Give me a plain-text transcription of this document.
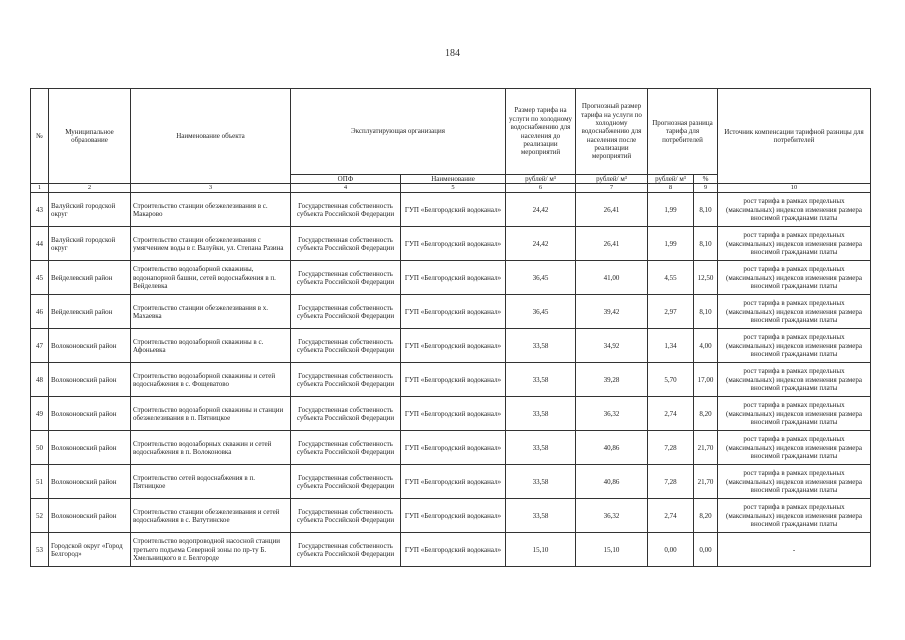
184
№	Муниципальное образование	Наименование объекта	Эксплуатирующая организация		Размер тарифа на услуги по холодному водоснабжению для населения до реализации мероприятий	Прогнозный размер тарифа на услуги по холодному водоснабжению для населения после реализации мероприятий	Прогнозная разница тарифа для потребителей		Источник компенсации тарифной разницы для потребителей
			ОПФ	Наименование	рублей/ м³	рублей/ м³	рублей/ м³	%	
1	2	3	4	5	6	7	8	9	10
43	Валуйский городской округ	Строительство станции обезжелезивания в с. Макарово	Государственная собственность субъекта Российской Федерации	ГУП «Белгородский водоканал»	24,42	26,41	1,99	8,10	рост тарифа в рамках предельных (максимальных) индексов изменения размера вносимой гражданами платы
44	Валуйский городской округ	Строительство станции обезжелезивания с умягчением воды в г. Валуйки, ул. Степана Разина	Государственная собственность субъекта Российской Федерации	ГУП «Белгородский водоканал»	24,42	26,41	1,99	8,10	рост тарифа в рамках предельных (максимальных) индексов изменения размера вносимой гражданами платы
45	Вейделевский район	Строительство водозаборной скважины, водонапорной башни, сетей водоснабжения в п. Вейделевка	Государственная собственность субъекта Российской Федерации	ГУП «Белгородский водоканал»	36,45	41,00	4,55	12,50	рост тарифа в рамках предельных (максимальных) индексов изменения размера вносимой гражданами платы
46	Вейделевский район	Строительство станции обезжелезивания в х. Махаевка	Государственная собственность субъекта Российской Федерации	ГУП «Белгородский водоканал»	36,45	39,42	2,97	8,10	рост тарифа в рамках предельных (максимальных) индексов изменения размера вносимой гражданами платы
47	Волоконовский район	Строительство водозаборной скважины в с. Афоньевка	Государственная собственность субъекта Российской Федерации	ГУП «Белгородский водоканал»	33,58	34,92	1,34	4,00	рост тарифа в рамках предельных (максимальных) индексов изменения размера вносимой гражданами платы
48	Волоконовский район	Строительство водозаборной скважины и сетей водоснабжения в с. Фощеватово	Государственная собственность субъекта Российской Федерации	ГУП «Белгородский водоканал»	33,58	39,28	5,70	17,00	рост тарифа в рамках предельных (максимальных) индексов изменения размера вносимой гражданами платы
49	Волоконовский район	Строительство водозаборной скважины и станции обезжелезивания в п. Пятницкое	Государственная собственность субъекта Российской Федерации	ГУП «Белгородский водоканал»	33,58	36,32	2,74	8,20	рост тарифа в рамках предельных (максимальных) индексов изменения размера вносимой гражданами платы
50	Волоконовский район	Строительство водозаборных скважин и сетей водоснабжения в п. Волоконовка	Государственная собственность субъекта Российской Федерации	ГУП «Белгородский водоканал»	33,58	40,86	7,28	21,70	рост тарифа в рамках предельных (максимальных) индексов изменения размера вносимой гражданами платы
51	Волоконовский район	Строительство сетей водоснабжения в п. Пятницкое	Государственная собственность субъекта Российской Федерации	ГУП «Белгородский водоканал»	33,58	40,86	7,28	21,70	рост тарифа в рамках предельных (максимальных) индексов изменения размера вносимой гражданами платы
52	Волоконовский район	Строительство станции обезжелезивания и сетей водоснабжения в с. Ватутинское	Государственная собственность субъекта Российской Федерации	ГУП «Белгородский водоканал»	33,58	36,32	2,74	8,20	рост тарифа в рамках предельных (максимальных) индексов изменения размера вносимой гражданами платы
53	Городской округ «Город Белгород»	Строительство водопроводной насосной станции третьего подъема Северной зоны по пр-ту Б. Хмельницкого в г. Белгороде	Государственная собственность субъекта Российской Федерации	ГУП «Белгородский водоканал»	15,10	15,10	0,00	0,00	-
